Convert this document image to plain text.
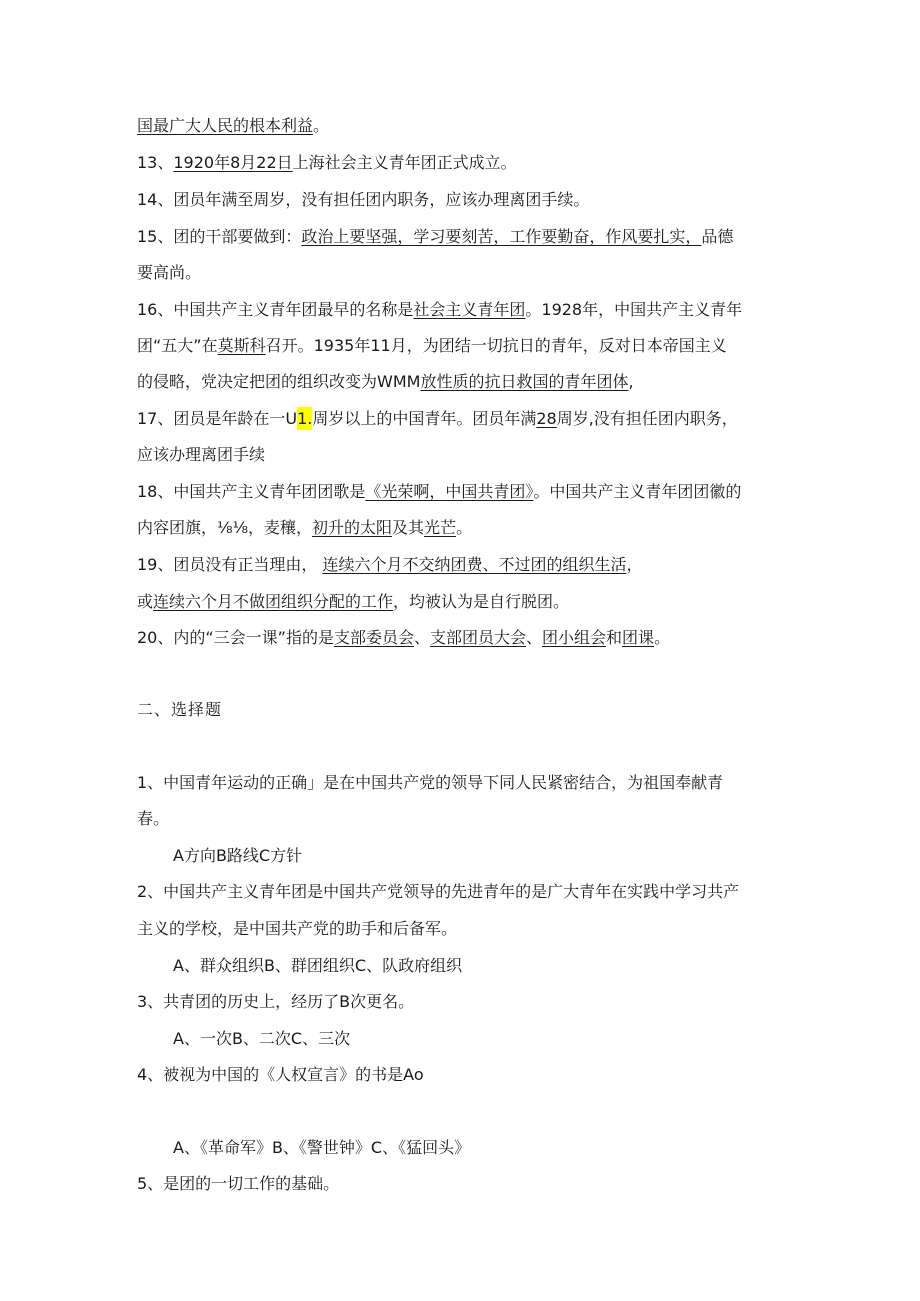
国最广大人民的根本利益。
13、1920年8月22日上海社会主义青年团正式成立。
14、团员年满至周岁，没有担任团内职务，应该办理离团手续。
15、团的干部要做到：政治上要坚强，学习要刻苦，工作要勤奋，作风要扎实，品德
要高尚。
16、中国共产主义青年团最早的名称是社会主义青年团。1928年，中国共产主义青年
团“五大”在莫斯科召开。1935年11月，为团结一切抗日的青年，反对日本帝国主义
的侵略，党决定把团的组织改变为WMM放性质的抗日救国的青年团体,
17、团员是年龄在一U1.周岁以上的中国青年。团员年满28周岁,没有担任团内职务，
应该办理离团手续
18、中国共产主义青年团团歌是《光荣啊，中国共青团》。中国共产主义青年团团徽的
内容团旗，⅛⅛，麦穰，初升的太阳及其光芒。
19、团员没有正当理由， 连续六个月不交纳团费、不过团的组织生活，
或连续六个月不做团组织分配的工作，均被认为是自行脱团。
20、内的“三会一课”指的是支部委员会、支部团员大会、团小组会和团课。
二、选择题
1、中国青年运动的正确」是在中国共产党的领导下同人民紧密结合，为祖国奉献青
春。
A方向B路线C方针
2、中国共产主义青年团是中国共产党领导的先进青年的是广大青年在实践中学习共产
主义的学校，是中国共产党的助手和后备军。
A、群众组织B、群团组织C、队政府组织
3、共青团的历史上，经历了B次更名。
A、一次B、二次C、三次
4、被视为中国的《人权宣言》的书是Ao
A、《革命军》B、《警世钟》C、《猛回头》
5、是团的一切工作的基础。
